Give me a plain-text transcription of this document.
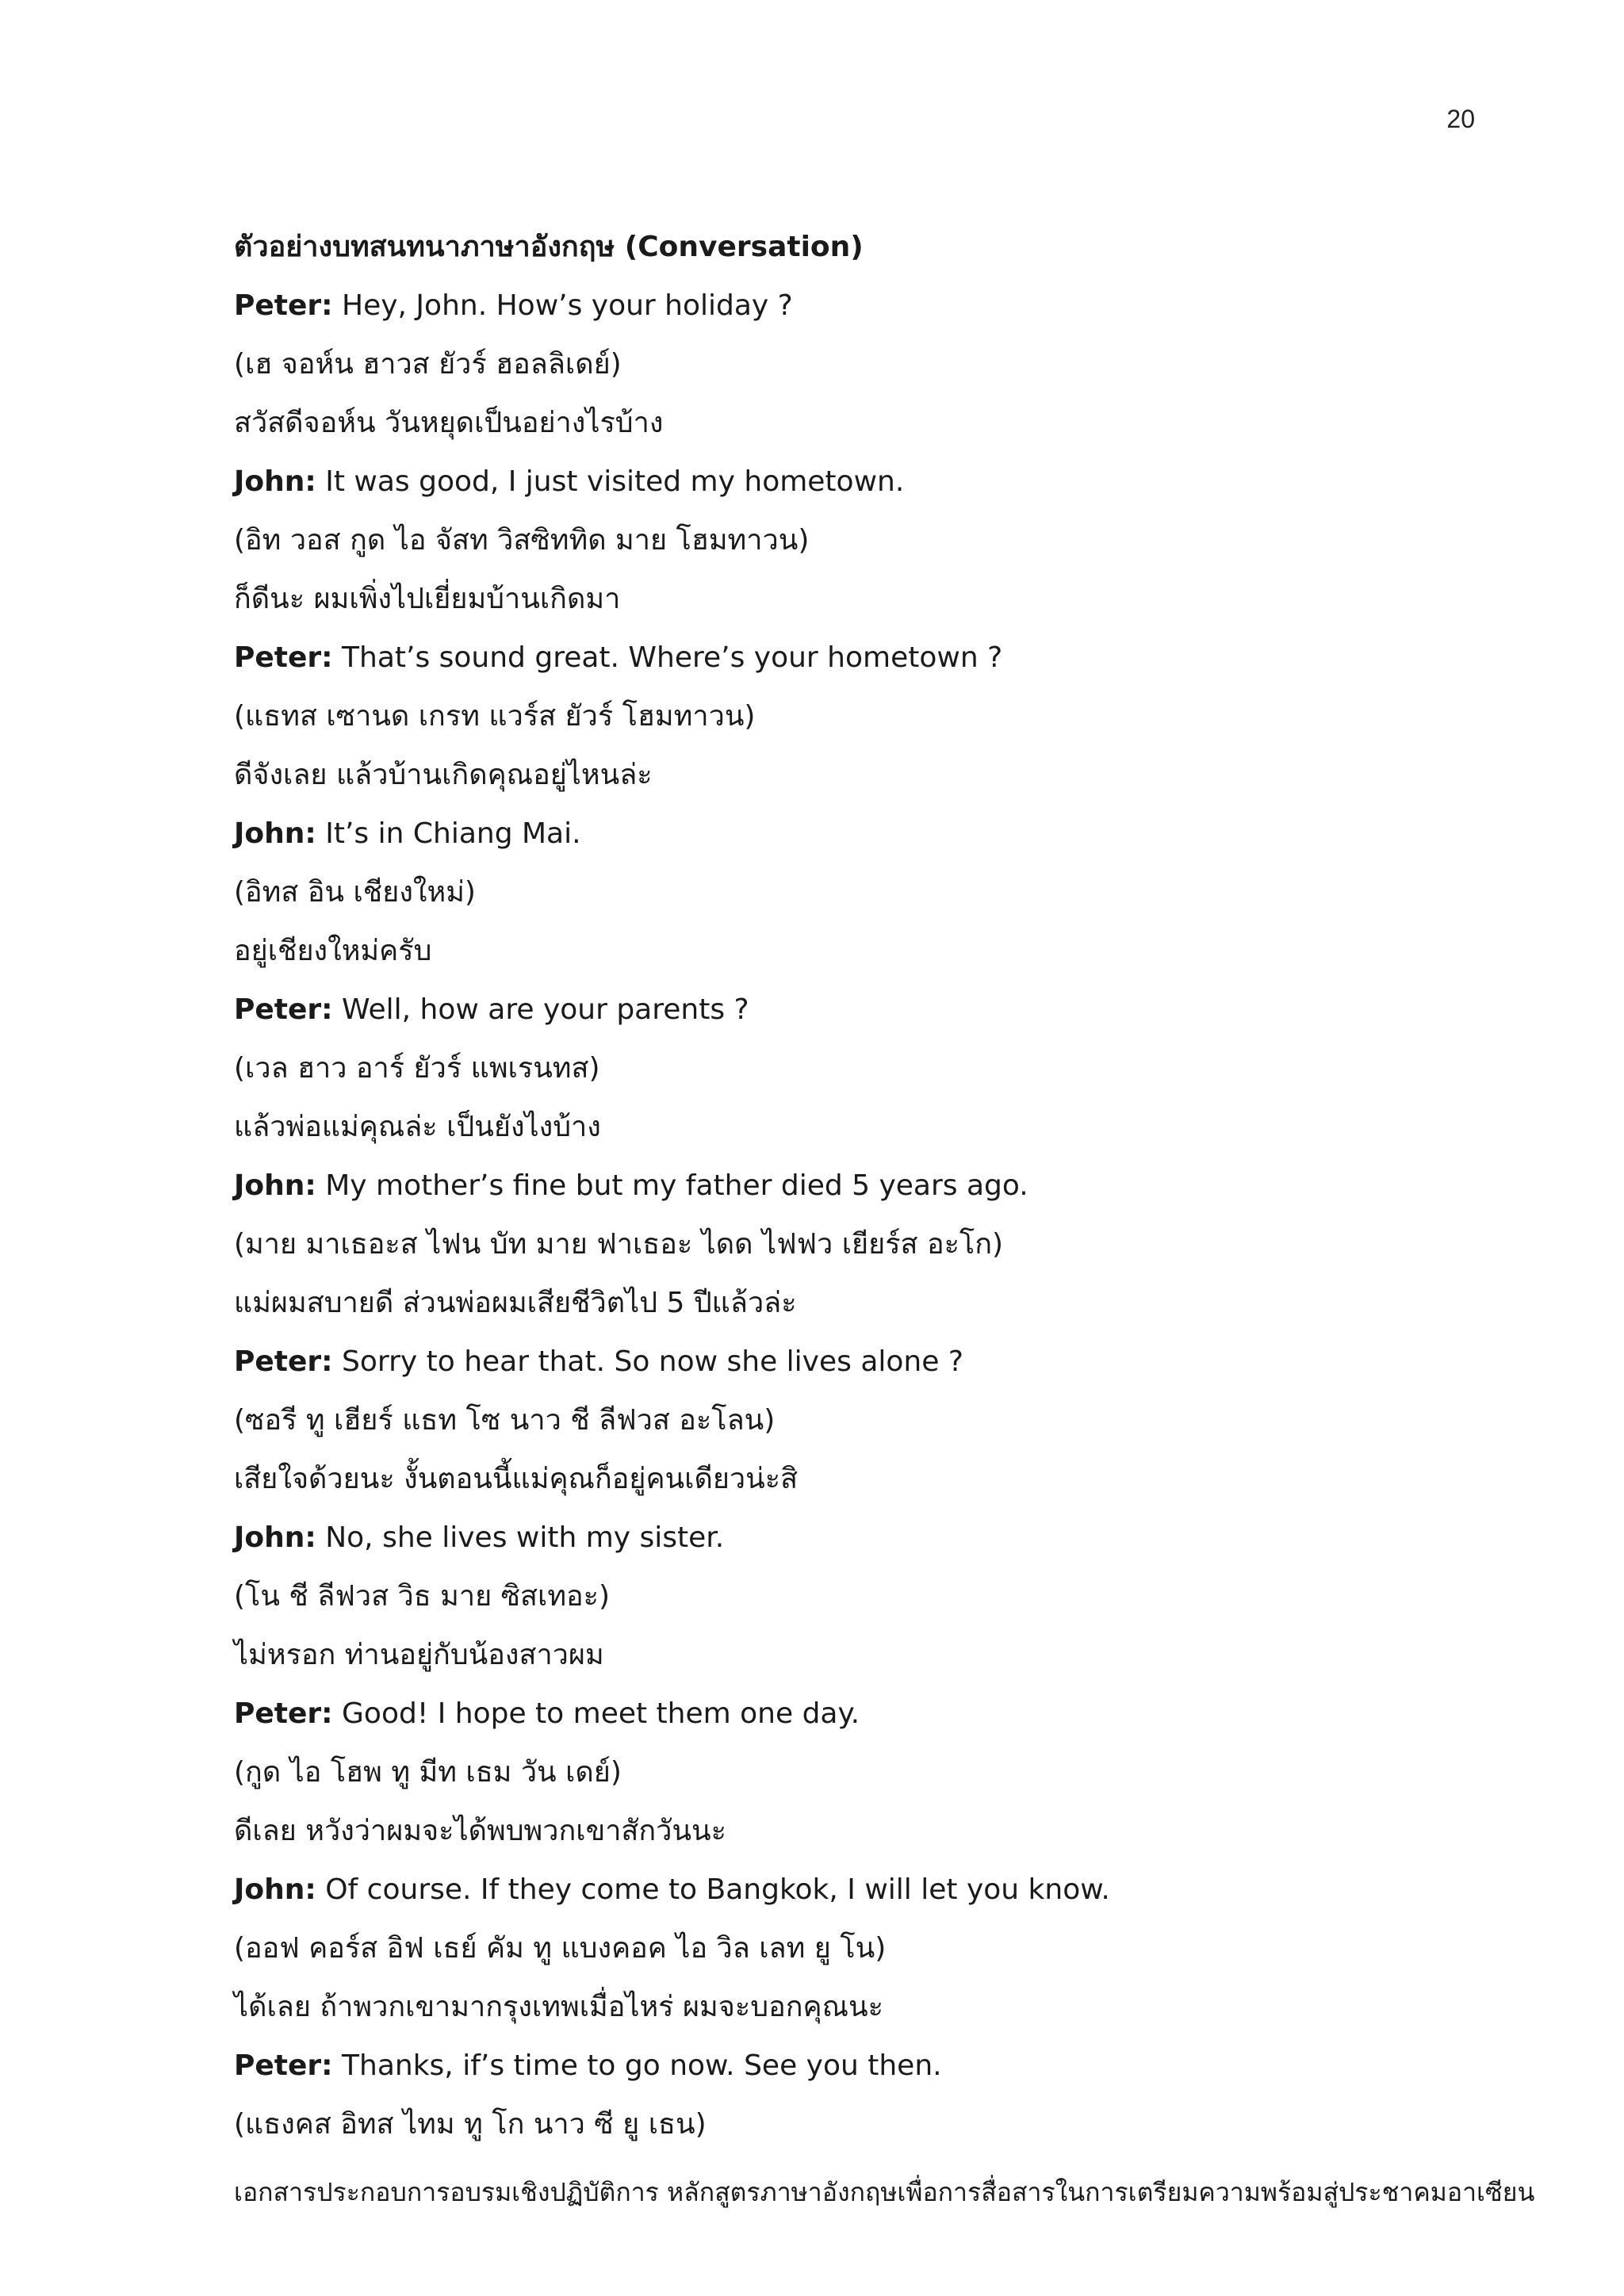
20
ตัวอย่างบทสนทนาภาษาอังกฤษ (Conversation)
Peter: Hey, John. How’s your holiday ?
(เฮ จอห์น ฮาวส ยัวร์ ฮอลลิเดย์)
สวัสดีจอห์น วันหยุดเป็นอย่างไรบ้าง
John: It was good, I just visited my hometown.
(อิท วอส กูด ไอ จัสท วิสซิททิด มาย โฮมทาวน)
ก็ดีนะ ผมเพิ่งไปเยี่ยมบ้านเกิดมา
Peter: That’s sound great. Where’s your hometown ?
(แธทส เซานด เกรท แวร์ส ยัวร์ โฮมทาวน)
ดีจังเลย แล้วบ้านเกิดคุณอยู่ไหนล่ะ
John: It’s in Chiang Mai.
(อิทส อิน เชียงใหม่)
อยู่เชียงใหม่ครับ
Peter: Well, how are your parents ?
(เวล ฮาว อาร์ ยัวร์ แพเรนทส)
แล้วพ่อแม่คุณล่ะ เป็นยังไงบ้าง
John: My mother’s fine but my father died 5 years ago.
(มาย มาเธอะส ไฟน บัท มาย ฟาเธอะ ไดด ไฟฟว เยียร์ส อะโก)
แม่ผมสบายดี ส่วนพ่อผมเสียชีวิตไป 5 ปีแล้วล่ะ
Peter: Sorry to hear that. So now she lives alone ?
(ซอรี ทู เฮียร์ แธท โซ นาว ชี ลีฟวส อะโลน)
เสียใจด้วยนะ งั้นตอนนี้แม่คุณก็อยู่คนเดียวน่ะสิ
John: No, she lives with my sister.
(โน ชี ลีฟวส วิธ มาย ซิสเทอะ)
ไม่หรอก ท่านอยู่กับน้องสาวผม
Peter: Good! I hope to meet them one day.
(กูด ไอ โฮพ ทู มีท เธม วัน เดย์)
ดีเลย หวังว่าผมจะได้พบพวกเขาสักวันนะ
John: Of course. If they come to Bangkok, I will let you know.
(ออฟ คอร์ส อิฟ เธย์ คัม ทู แบงคอค ไอ วิล เลท ยู โน)
ได้เลย ถ้าพวกเขามากรุงเทพเมื่อไหร่ ผมจะบอกคุณนะ
Peter: Thanks, if’s time to go now. See you then.
(แธงคส อิทส ไทม ทู โก นาว ซี ยู เธน)
เอกสารประกอบการอบรมเชิงปฏิบัติการ หลักสูตรภาษาอังกฤษเพื่อการสื่อสารในการเตรียมความพร้อมสู่ประชาคมอาเซียน
